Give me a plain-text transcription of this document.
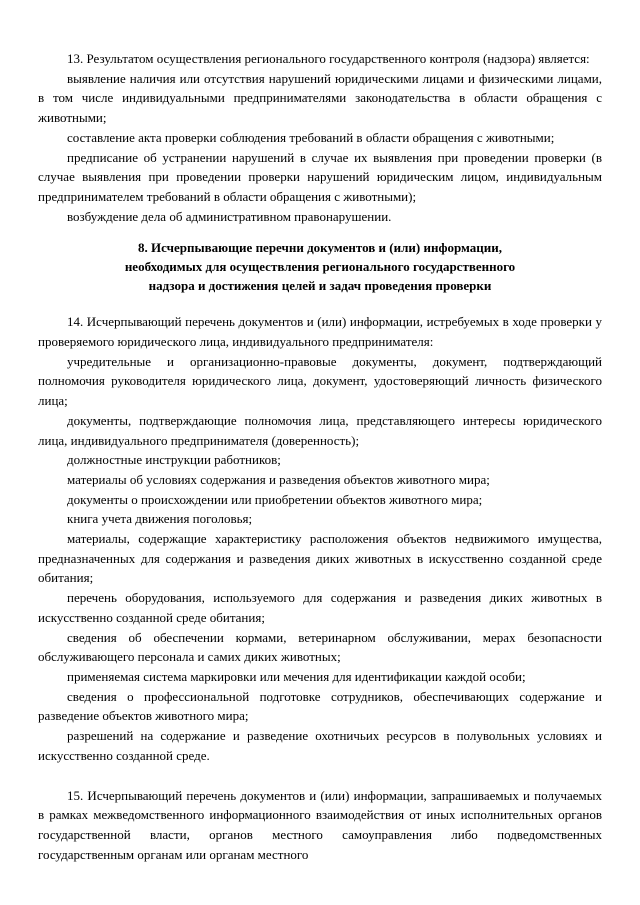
13. Результатом осуществления регионального государственного контроля (надзора) является:

выявление наличия или отсутствия нарушений юридическими лицами и физическими лицами, в том числе индивидуальными предпринимателями законодательства в области обращения с животными;

составление акта проверки соблюдения требований в области обращения с животными;

предписание об устранении нарушений в случае их выявления при проведении проверки (в случае выявления при проведении проверки нарушений юридическим лицом, индивидуальным предпринимателем требований в области обращения с животными);

возбуждение дела об административном правонарушении.

8. Исчерпывающие перечни документов и (или) информации,
необходимых для осуществления регионального государственного
надзора и достижения целей и задач проведения проверки

14. Исчерпывающий перечень документов и (или) информации, истребуемых в ходе проверки у проверяемого юридического лица, индивидуального предпринимателя:

учредительные и организационно-правовые документы, документ, подтверждающий полномочия руководителя юридического лица, документ, удостоверяющий личность физического лица;

документы, подтверждающие полномочия лица, представляющего интересы юридического лица, индивидуального предпринимателя (доверенность);

должностные инструкции работников;

материалы об условиях содержания и разведения объектов животного мира;

документы о происхождении или приобретении объектов животного мира;

книга учета движения поголовья;

материалы, содержащие характеристику расположения объектов недвижимого имущества, предназначенных для содержания и разведения диких животных в искусственно созданной среде обитания;

перечень оборудования, используемого для содержания и разведения диких животных в искусственно созданной среде обитания;

сведения об обеспечении кормами, ветеринарном обслуживании, мерах безопасности обслуживающего персонала и самих диких животных;

применяемая система маркировки или мечения для идентификации каждой особи;

сведения о профессиональной подготовке сотрудников, обеспечивающих содержание и разведение объектов животного мира;

разрешений на содержание и разведение охотничьих ресурсов в полувольных условиях и искусственно созданной среде.

15. Исчерпывающий перечень документов и (или) информации, запрашиваемых и получаемых в рамках межведомственного информационного взаимодействия от иных исполнительных органов государственной власти, органов местного самоуправления либо подведомственных государственным органам или органам местного
